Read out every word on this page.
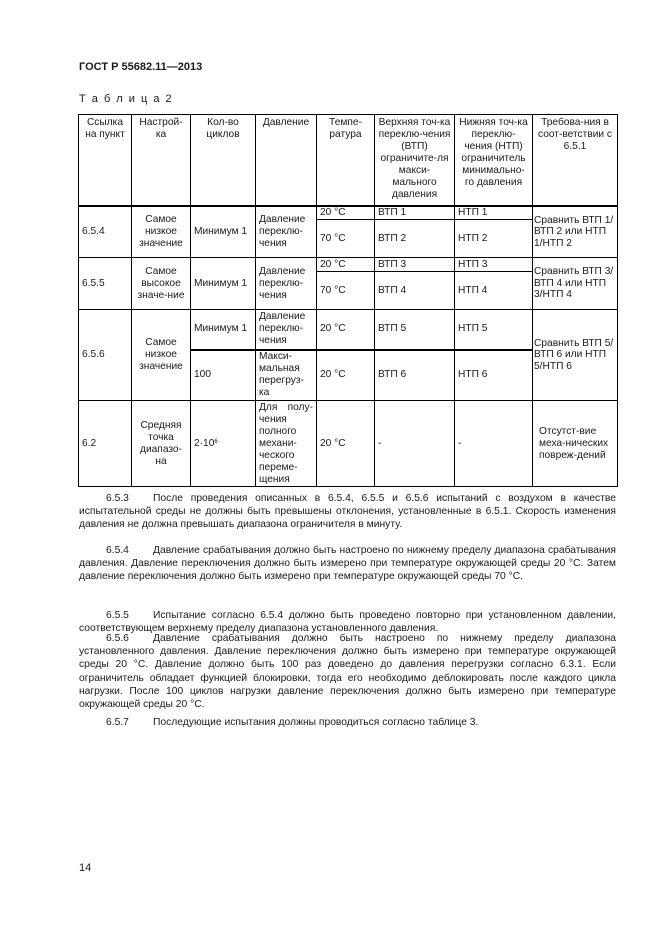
ГОСТ Р 55682.11—2013
Т а б л и ц а 2
Ссылка на пункт	Настрой-ка	Кол-во циклов	Давление	Темпе-ратура	Верхняя точ-ка переклю-чения (ВТП) ограничите-ля макси-мального давления	Нижняя точ-ка переклю-чения (НТП) ограничитель минимально-го давления	Требова-ния в соот-ветствии с 6.5.1
6.5.4	Самое низкое значение	Минимум 1	Давление переклю-чения	20 °С	ВТП 1	НТП 1	Сравнить ВТП 1/ ВТП 2 или НТП 1/НТП 2
				70 °С	ВТП 2	НТП 2	
6.5.5	Самое высокое значе-ние	Минимум 1	Давление переклю-чения	20 °С	ВТП 3	НТП 3	Сравнить ВТП 3/ ВТП 4 или НТП 3/НТП 4
				70 °С	ВТП 4	НТП 4	
6.5.6	Самое низкое значение	Минимум 1	Давление переклю-чения	20 °С	ВТП 5	НТП 5	Сравнить ВТП 5/ ВТП 6 или НТП 5/НТП 6
		100	Макси-мальная перегруз-ка	20 °С	ВТП 6	НТП 6	
6.2	Средняя точка диапазо-на	$2\cdot 10^6$	Для полу-чения полного механи-ческого переме-щения	20 °С	-	-	Отсутст-вие меха-нических повреж-дений
6.5.3 После проведения описанных в 6.5.4, 6.5.5 и 6.5.6 испытаний с воздухом в качестве испытательной среды не должны быть превышены отклонения, установленные в 6.5.1. Скорость изменения давления не должна превышать диапазона ограничителя в минуту.
6.5.4 Давление срабатывания должно быть настроено по нижнему пределу диапазона срабатывания давления. Давление переключения должно быть измерено при температуре окружающей среды 20 °С. Затем давление переключения должно быть измерено при температуре окружающей среды 70 °С.
6.5.5 Испытание согласно 6.5.4 должно быть проведено повторно при установленном давлении, соответствующем верхнему пределу диапазона установленного давления.
6.5.6 Давление срабатывания должно быть настроено по нижнему пределу диапазона установленного давления. Давление переключения должно быть измерено при температуре окружающей среды 20 °С. Давление должно быть 100 раз доведено до давления перегрузки согласно 6.3.1. Если ограничитель обладает функцией блокировки, тогда его необходимо деблокировать после каждого цикла нагрузки. После 100 циклов нагрузки давление переключения должно быть измерено при температуре окружающей среды 20 °С.
6.5.7 Последующие испытания должны проводиться согласно таблице 3.
14
